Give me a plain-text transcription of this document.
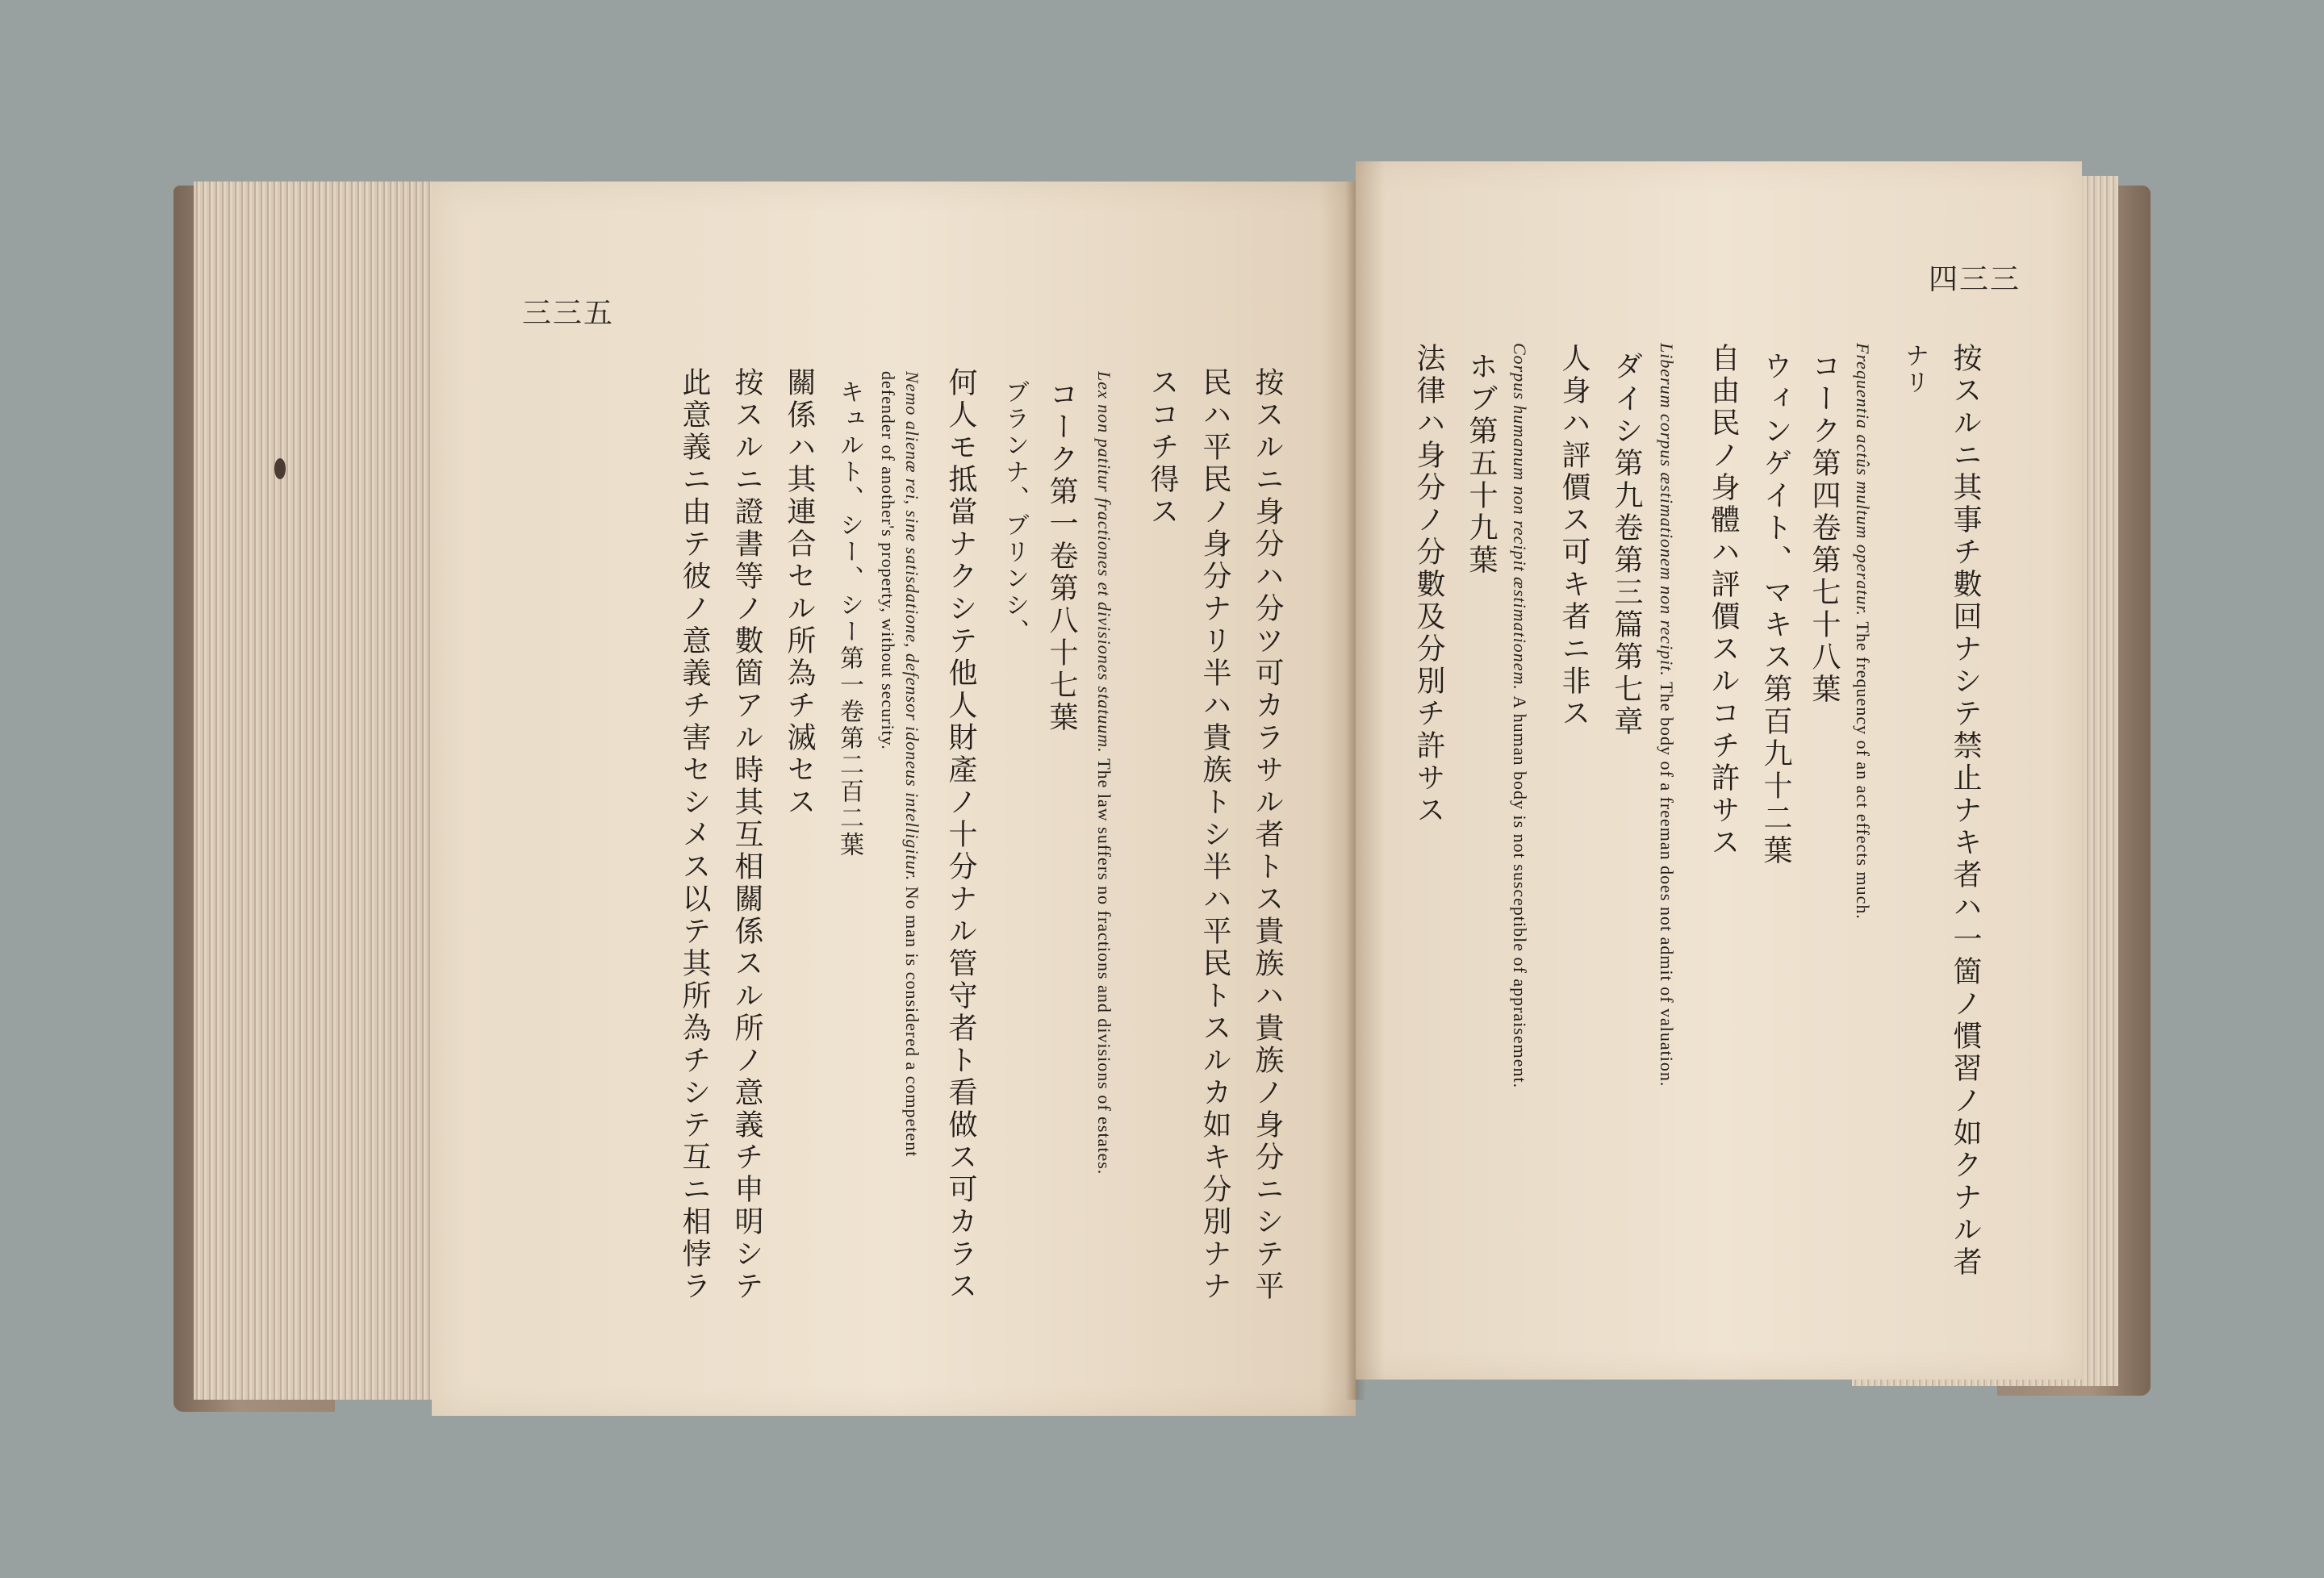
三三五
按スルニ身分ハ分ツ可カラサル者トス貴族ハ貴族ノ身分ニシテ平
民ハ平民ノ身分ナリ半ハ貴族トシ半ハ平民トスルカ如キ分別ナナ
スコチ得ス
Lex non patitur fractiones et divisiones statuum. The law suffers no fractions and divisions of estates.
コーク第一卷第八十七葉
ブランナ、ブリンシ、
何人モ抵當ナクシテ他人財產ノ十分ナル管守者ト看做ス可カラス
Nemo alienæ rei, sine satisdatione, defensor idoneus intelligitur. No man is considered a competent
defender of another's property, without security.
キュルト、シー、シー第一卷第二百二葉
關係ハ其連合セル所為チ滅セス
按スルニ證書等ノ數箇アル時其互相關係スル所ノ意義チ申明シテ
此意義ニ由テ彼ノ意義チ害セシメス以テ其所為チシテ互ニ相悖ラ
四三三
按スルニ其事チ數回ナシテ禁止ナキ者ハ一箇ノ慣習ノ如クナル者
ナリ
Frequentia actûs multum operatur. The frequency of an act effects much.
コーク第四卷第七十八葉
ウィンゲイト、マキス第百九十二葉
自由民ノ身體ハ評價スルコチ許サス
Liberum corpus æstimationem non recipit. The body of a freeman does not admit of valuation.
ダイシ第九卷第三篇第七章
人身ハ評價ス可キ者ニ非ス
Corpus humanum non recipit æstimationem. A human body is not susceptible of appraisement.
ホブ第五十九葉
法律ハ身分ノ分數及分別チ許サス
